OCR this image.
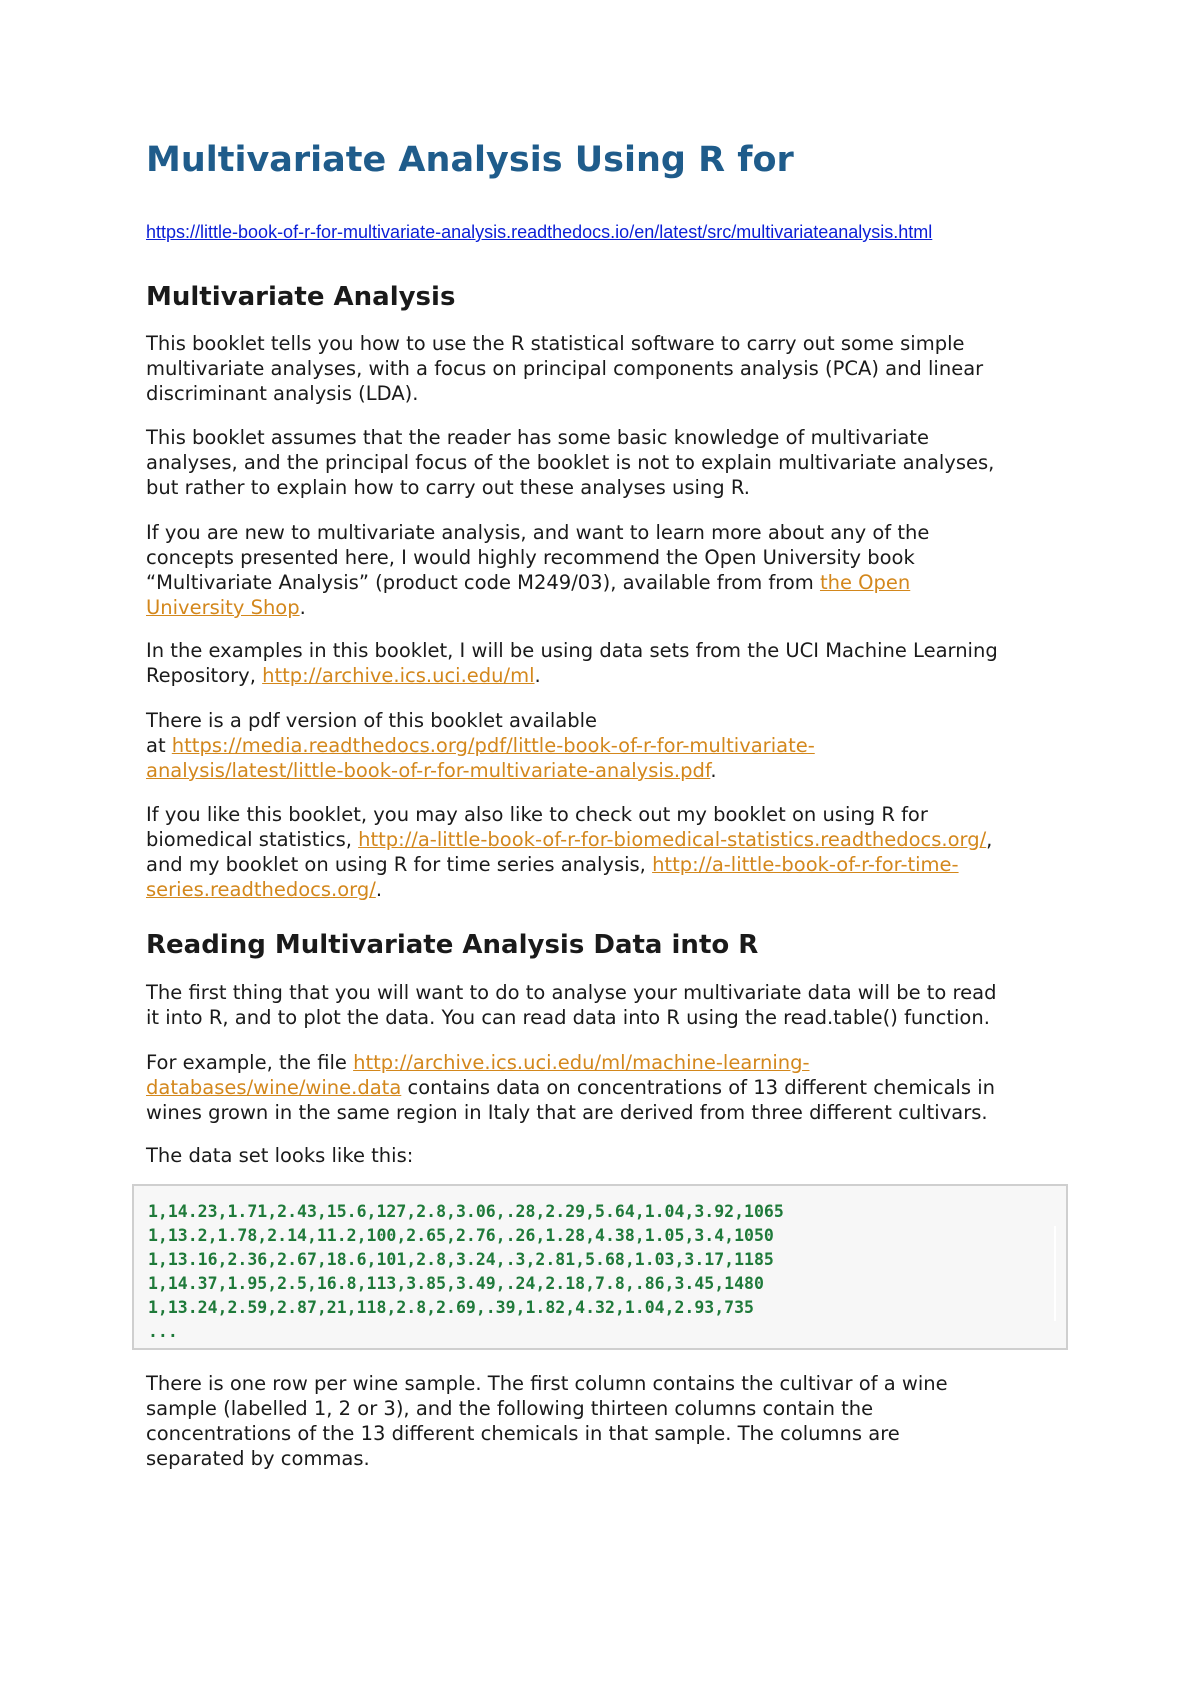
Multivariate Analysis Using R for
https://little-book-of-r-for-multivariate-analysis.readthedocs.io/en/latest/src/multivariateanalysis.html
Multivariate Analysis
This booklet tells you how to use the R statistical software to carry out some simple
multivariate analyses, with a focus on principal components analysis (PCA) and linear
discriminant analysis (LDA).
This booklet assumes that the reader has some basic knowledge of multivariate
analyses, and the principal focus of the booklet is not to explain multivariate analyses,
but rather to explain how to carry out these analyses using R.
If you are new to multivariate analysis, and want to learn more about any of the
concepts presented here, I would highly recommend the Open University book
“Multivariate Analysis” (product code M249/03), available from from the Open
University Shop.
In the examples in this booklet, I will be using data sets from the UCI Machine Learning
Repository, http://archive.ics.uci.edu/ml.
There is a pdf version of this booklet available
at https://media.readthedocs.org/pdf/little-book-of-r-for-multivariate-
analysis/latest/little-book-of-r-for-multivariate-analysis.pdf.
If you like this booklet, you may also like to check out my booklet on using R for
biomedical statistics, http://a-little-book-of-r-for-biomedical-statistics.readthedocs.org/,
and my booklet on using R for time series analysis, http://a-little-book-of-r-for-time-
series.readthedocs.org/.
Reading Multivariate Analysis Data into R
The first thing that you will want to do to analyse your multivariate data will be to read
it into R, and to plot the data. You can read data into R using the read.table() function.
For example, the file http://archive.ics.uci.edu/ml/machine-learning-
databases/wine/wine.data contains data on concentrations of 13 different chemicals in
wines grown in the same region in Italy that are derived from three different cultivars.
The data set looks like this:
1,14.23,1.71,2.43,15.6,127,2.8,3.06,.28,2.29,5.64,1.04,3.92,1065
1,13.2,1.78,2.14,11.2,100,2.65,2.76,.26,1.28,4.38,1.05,3.4,1050
1,13.16,2.36,2.67,18.6,101,2.8,3.24,.3,2.81,5.68,1.03,3.17,1185
1,14.37,1.95,2.5,16.8,113,3.85,3.49,.24,2.18,7.8,.86,3.45,1480
1,13.24,2.59,2.87,21,118,2.8,2.69,.39,1.82,4.32,1.04,2.93,735
...
There is one row per wine sample. The first column contains the cultivar of a wine
sample (labelled 1, 2 or 3), and the following thirteen columns contain the
concentrations of the 13 different chemicals in that sample. The columns are
separated by commas.
